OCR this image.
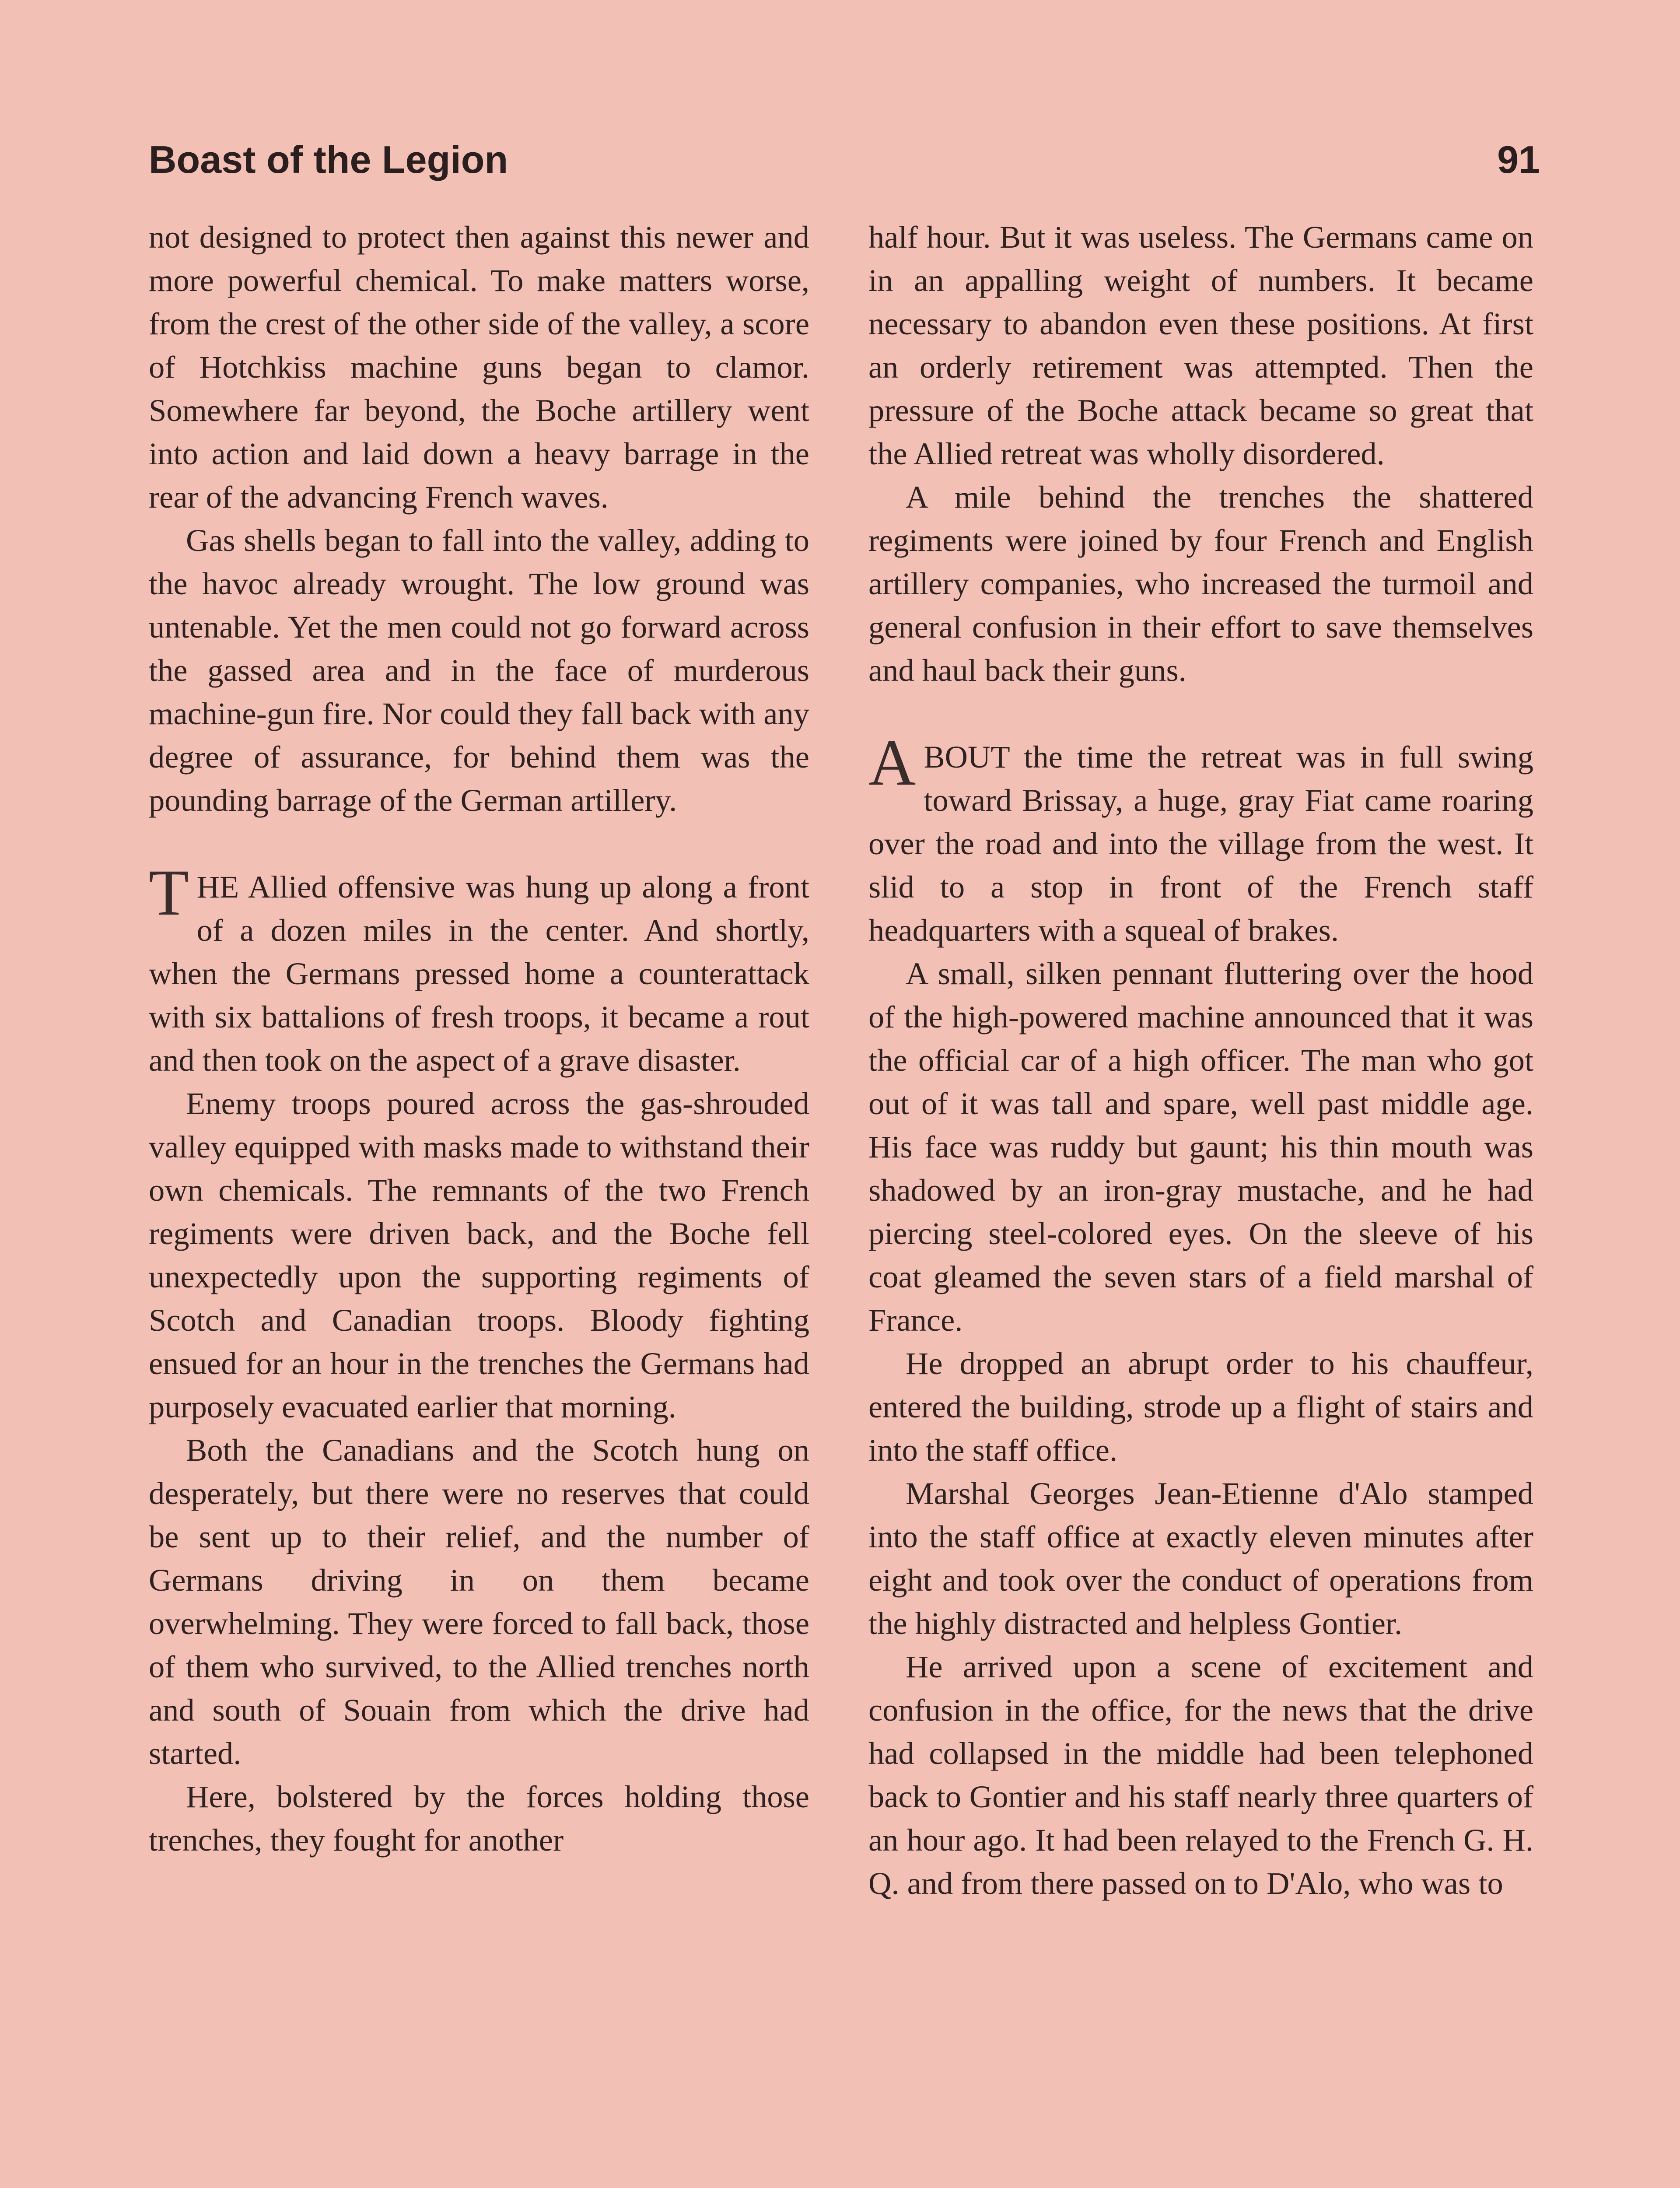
Boast of the Legion	91

not designed to protect then against this newer and more powerful chemical. To make matters worse, from the crest of the other side of the valley, a score of Hotchkiss machine guns began to clamor. Somewhere far beyond, the Boche artillery went into action and laid down a heavy barrage in the rear of the advancing French waves.

Gas shells began to fall into the valley, adding to the havoc already wrought. The low ground was untenable. Yet the men could not go forward across the gassed area and in the face of murderous machine-gun fire. Nor could they fall back with any degree of assurance, for behind them was the pounding barrage of the German artillery.

THE Allied offensive was hung up along a front of a dozen miles in the center. And shortly, when the Germans pressed home a counterattack with six battalions of fresh troops, it became a rout and then took on the aspect of a grave disaster.

Enemy troops poured across the gas-shrouded valley equipped with masks made to withstand their own chemicals. The remnants of the two French regiments were driven back, and the Boche fell unexpectedly upon the supporting regiments of Scotch and Canadian troops. Bloody fighting ensued for an hour in the trenches the Germans had purposely evacuated earlier that morning.

Both the Canadians and the Scotch hung on desperately, but there were no reserves that could be sent up to their relief, and the number of Germans driving in on them became overwhelming. They were forced to fall back, those of them who survived, to the Allied trenches north and south of Souain from which the drive had started.

Here, bolstered by the forces holding those trenches, they fought for another

half hour. But it was useless. The Germans came on in an appalling weight of numbers. It became necessary to abandon even these positions. At first an orderly retirement was attempted. Then the pressure of the Boche attack became so great that the Allied retreat was wholly disordered.

A mile behind the trenches the shattered regiments were joined by four French and English artillery companies, who increased the turmoil and general confusion in their effort to save themselves and haul back their guns.

ABOUT the time the retreat was in full swing toward Brissay, a huge, gray Fiat came roaring over the road and into the village from the west. It slid to a stop in front of the French staff headquarters with a squeal of brakes.

A small, silken pennant fluttering over the hood of the high-powered machine announced that it was the official car of a high officer. The man who got out of it was tall and spare, well past middle age. His face was ruddy but gaunt; his thin mouth was shadowed by an iron-gray mustache, and he had piercing steel-colored eyes. On the sleeve of his coat gleamed the seven stars of a field marshal of France.

He dropped an abrupt order to his chauffeur, entered the building, strode up a flight of stairs and into the staff office.

Marshal Georges Jean-Etienne d'Alo stamped into the staff office at exactly eleven minutes after eight and took over the conduct of operations from the highly distracted and helpless Gontier.

He arrived upon a scene of excitement and confusion in the office, for the news that the drive had collapsed in the middle had been telephoned back to Gontier and his staff nearly three quarters of an hour ago. It had been relayed to the French G. H. Q. and from there passed on to D'Alo, who was to
